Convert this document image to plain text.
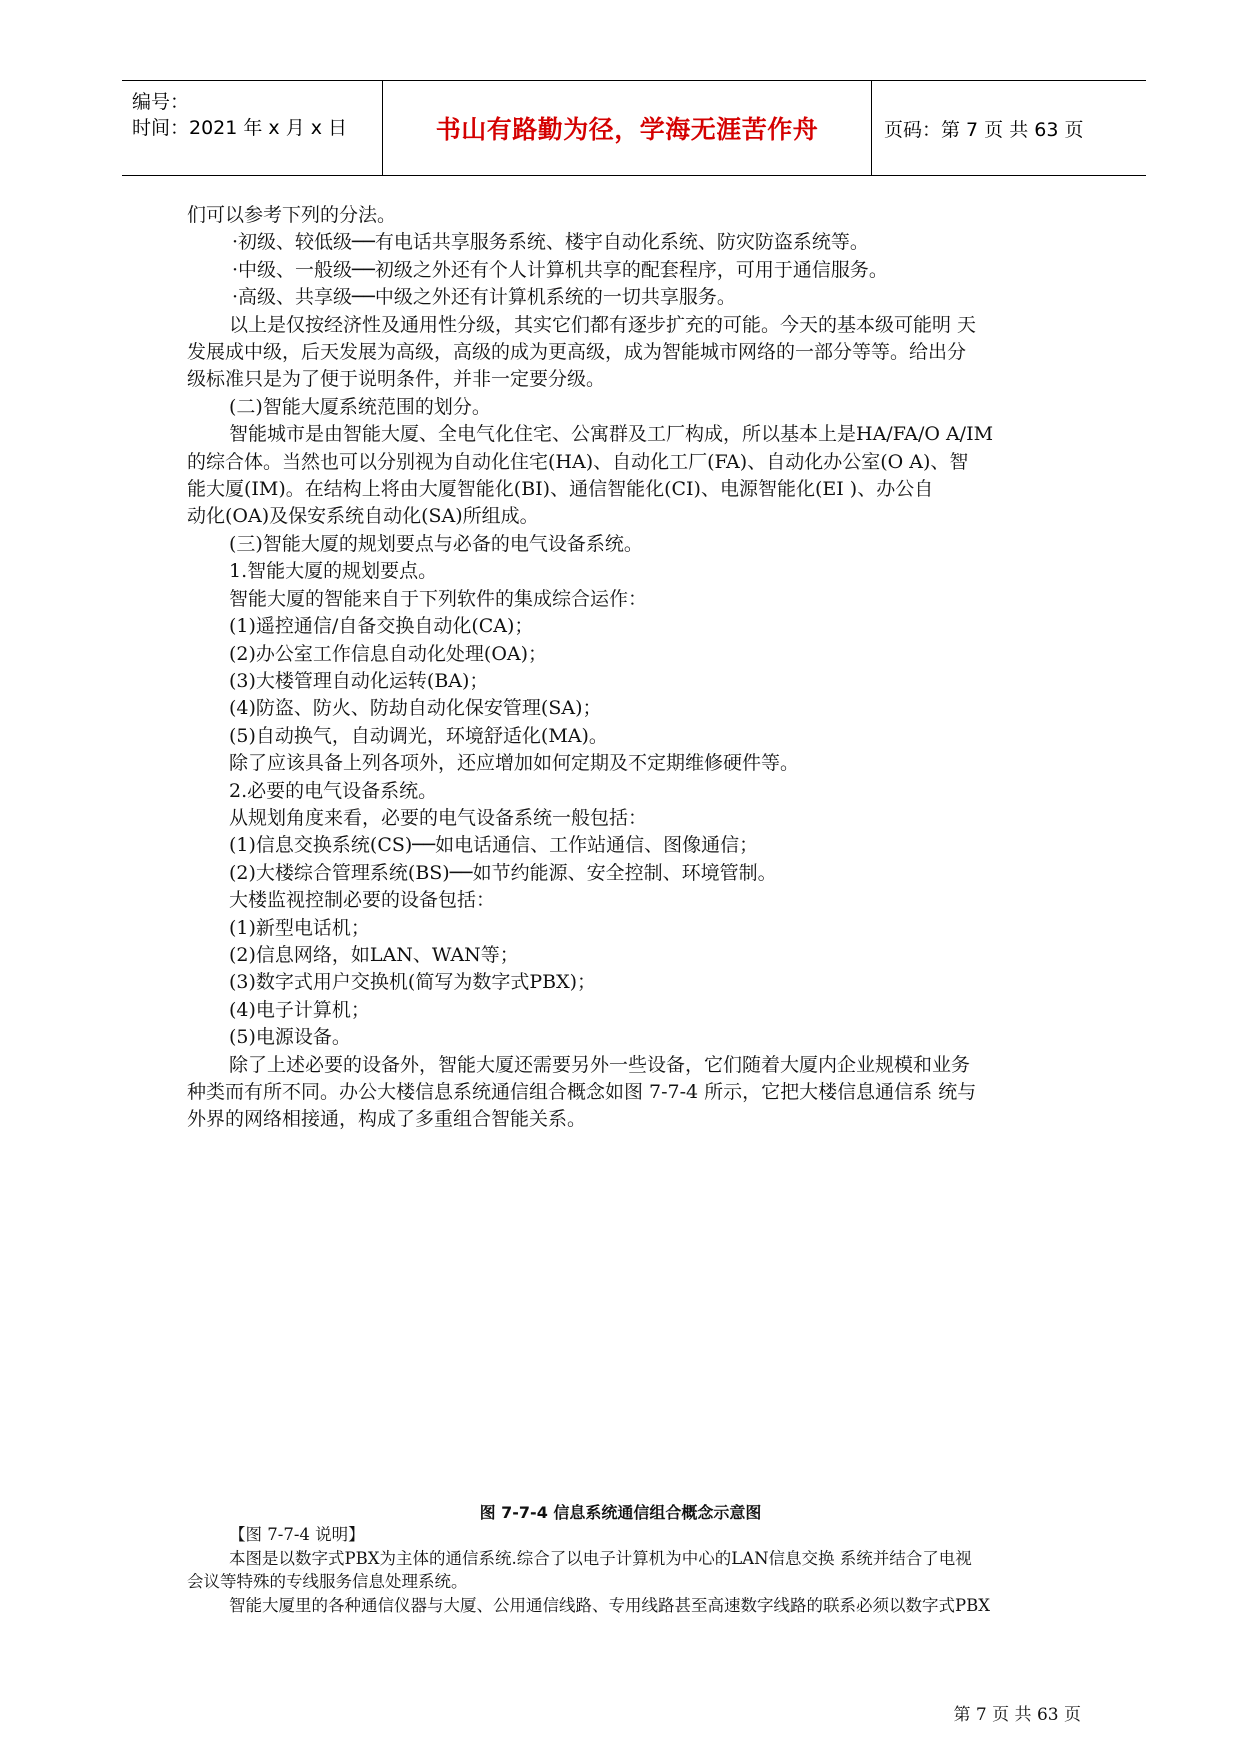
编号：
时间：2021 年 x 月 x 日	书山有路勤为径，学海无涯苦作舟	页码：第 7 页 共 63 页

们可以参考下列的分法。

·初级、较低级──有电话共享服务系统、楼宇自动化系统、防灾防盗系统等。

·中级、一般级──初级之外还有个人计算机共享的配套程序，可用于通信服务。

·高级、共享级──中级之外还有计算机系统的一切共享服务。

以上是仅按经济性及通用性分级，其实它们都有逐步扩充的可能。今天的基本级可能明 天

发展成中级，后天发展为高级，高级的成为更高级，成为智能城市网络的一部分等等。给出分

级标准只是为了便于说明条件，并非一定要分级。

(二)智能大厦系统范围的划分。

智能城市是由智能大厦、全电气化住宅、公寓群及工厂构成，所以基本上是HA/FA/O A/IM

的综合体。当然也可以分别视为自动化住宅(HA)、自动化工厂(FA)、自动化办公室(O A)、智

能大厦(IM)。在结构上将由大厦智能化(BI)、通信智能化(CI)、电源智能化(EI )、办公自

动化(OA)及保安系统自动化(SA)所组成。

(三)智能大厦的规划要点与必备的电气设备系统。

1.智能大厦的规划要点。

智能大厦的智能来自于下列软件的集成综合运作：

(1)遥控通信/自备交换自动化(CA)；

(2)办公室工作信息自动化处理(OA)；

(3)大楼管理自动化运转(BA)；

(4)防盗、防火、防劫自动化保安管理(SA)；

(5)自动换气，自动调光，环境舒适化(MA)。

除了应该具备上列各项外，还应增加如何定期及不定期维修硬件等。

2.必要的电气设备系统。

从规划角度来看，必要的电气设备系统一般包括：

(1)信息交换系统(CS)──如电话通信、工作站通信、图像通信；

(2)大楼综合管理系统(BS)──如节约能源、安全控制、环境管制。

大楼监视控制必要的设备包括：

(1)新型电话机；

(2)信息网络，如LAN、WAN等；

(3)数字式用户交换机(简写为数字式PBX)；

(4)电子计算机；

(5)电源设备。

除了上述必要的设备外，智能大厦还需要另外一些设备，它们随着大厦内企业规模和业务

种类而有所不同。办公大楼信息系统通信组合概念如图 7-7-4 所示，它把大楼信息通信系 统与

外界的网络相接通，构成了多重组合智能关系。

图 7-7-4 信息系统通信组合概念示意图

【图 7-7-4 说明】

本图是以数字式PBX为主体的通信系统.综合了以电子计算机为中心的LAN信息交换 系统并结合了电视

会议等特殊的专线服务信息处理系统。

智能大厦里的各种通信仪器与大厦、公用通信线路、专用线路甚至高速数字线路的联系必须以数字式PBX

第 7 页 共 63 页
